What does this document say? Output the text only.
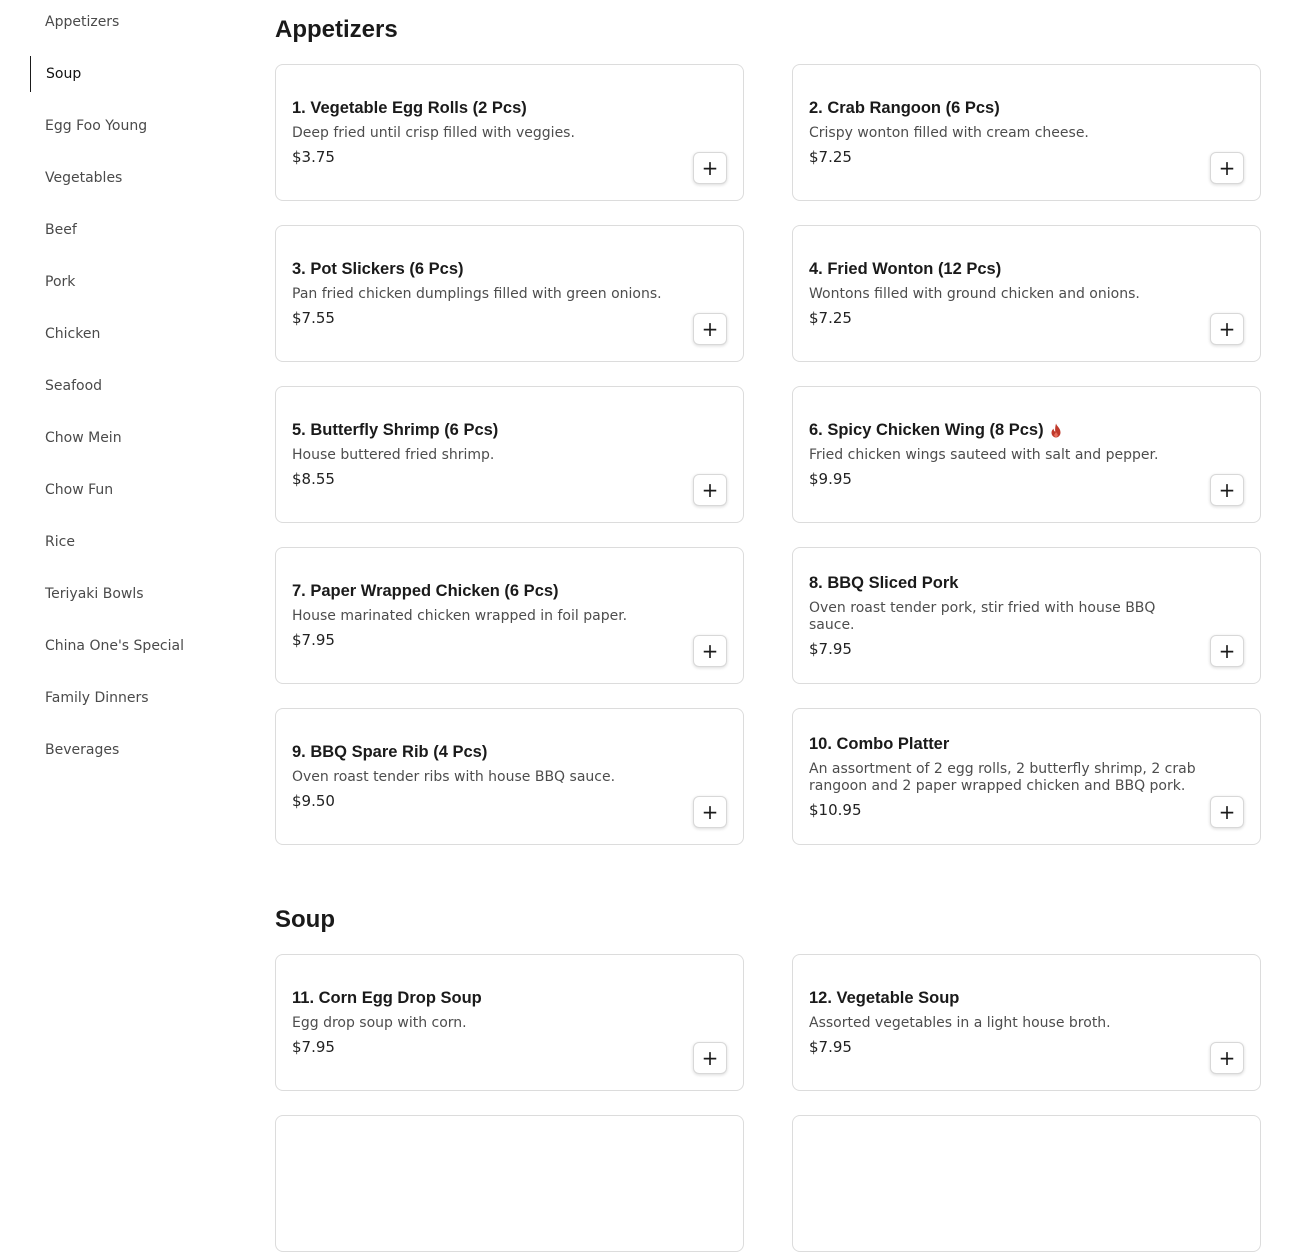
Appetizers
Soup
Egg Foo Young
Vegetables
Beef
Pork
Chicken
Seafood
Chow Mein
Chow Fun
Rice
Teriyaki Bowls
China One's Special
Family Dinners
Beverages
Appetizers
1. Vegetable Egg Rolls (2 Pcs)
Deep fried until crisp filled with veggies.
$3.75	+
2. Crab Rangoon (6 Pcs)
Crispy wonton filled with cream cheese.
$7.25	+
3. Pot Slickers (6 Pcs)
Pan fried chicken dumplings filled with green onions.
$7.55	+
4. Fried Wonton (12 Pcs)
Wontons filled with ground chicken and onions.
$7.25	+
5. Butterfly Shrimp (6 Pcs)
House buttered fried shrimp.
$8.55	+
6. Spicy Chicken Wing (8 Pcs)
Fried chicken wings sauteed with salt and pepper.
$9.95	+
7. Paper Wrapped Chicken (6 Pcs)
House marinated chicken wrapped in foil paper.
$7.95	+
8. BBQ Sliced Pork
Oven roast tender pork, stir fried with house BBQ sauce.
$7.95	+
9. BBQ Spare Rib (4 Pcs)
Oven roast tender ribs with house BBQ sauce.
$9.50	+
10. Combo Platter
An assortment of 2 egg rolls, 2 butterfly shrimp, 2 crab rangoon and 2 paper wrapped chicken and BBQ pork.
$10.95	+
Soup
11. Corn Egg Drop Soup
Egg drop soup with corn.
$7.95	+
12. Vegetable Soup
Assorted vegetables in a light house broth.
$7.95	+
